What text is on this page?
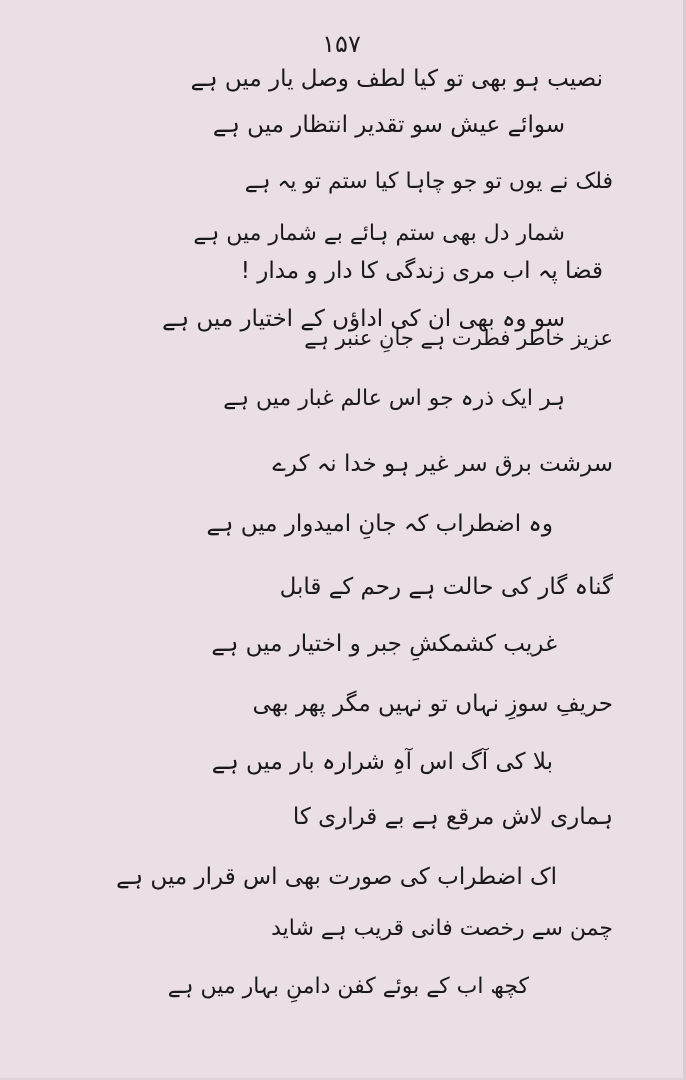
۱۵۷
نصیب ہو بھی تو کیا لطف وصل یار میں ہے
سوائے عیش سو تقدیر انتظار میں ہے
فلک نے یوں تو جو چاہا کیا ستم تو یہ ہے
شمار دل بھی ستم ہائے بے شمار میں ہے
قضا پہ اب مری زندگی کا دار و مدار !
سو وہ بھی ان کی اداؤں کے اختیار میں ہے
عزیز خاطر فطرت ہے جانِ عنبر ہے
ہر ایک ذرہ جو اس عالم غبار میں ہے
سرشت برق سر غیر ہو خدا نہ کرے
وہ اضطراب کہ جانِ امیدوار میں ہے
گناہ گار کی حالت ہے رحم کے قابل
غریب کشمکشِ جبر و اختیار میں ہے
حریفِ سوزِ نہاں تو نہیں مگر پھر بھی
بلا کی آگ اس آہِ شرارہ بار میں ہے
ہماری لاش مرقع ہے بے قراری کا
اک اضطراب کی صورت بھی اس قرار میں ہے
چمن سے رخصت فانی قریب ہے شاید
کچھ اب کے بوئے کفن دامنِ بہار میں ہے
